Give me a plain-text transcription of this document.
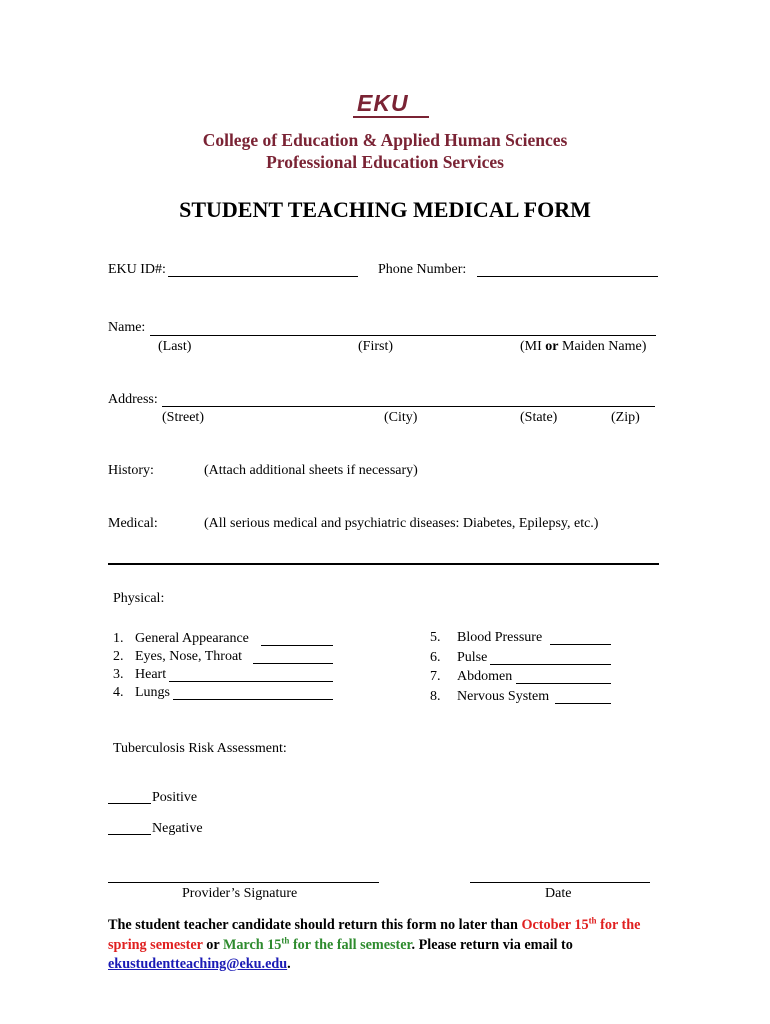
EKU
College of Education & Applied Human Sciences
Professional Education Services
STUDENT TEACHING MEDICAL FORM
EKU ID#:	Phone Number:
Name:
(Last)	(First)	(MI or Maiden Name)
Address:
(Street)	(City)	(State)	(Zip)
History:	(Attach additional sheets if necessary)
Medical:	(All serious medical and psychiatric diseases: Diabetes, Epilepsy, etc.)
Physical:
1. General Appearance
2. Eyes, Nose, Throat
3. Heart
4. Lungs
5. Blood Pressure
6. Pulse
7. Abdomen
8. Nervous System
Tuberculosis Risk Assessment:
Positive
Negative
Provider’s Signature	Date
The student teacher candidate should return this form no later than October 15th for the spring semester or March 15th for the fall semester. Please return via email to ekustudentteaching@eku.edu.
